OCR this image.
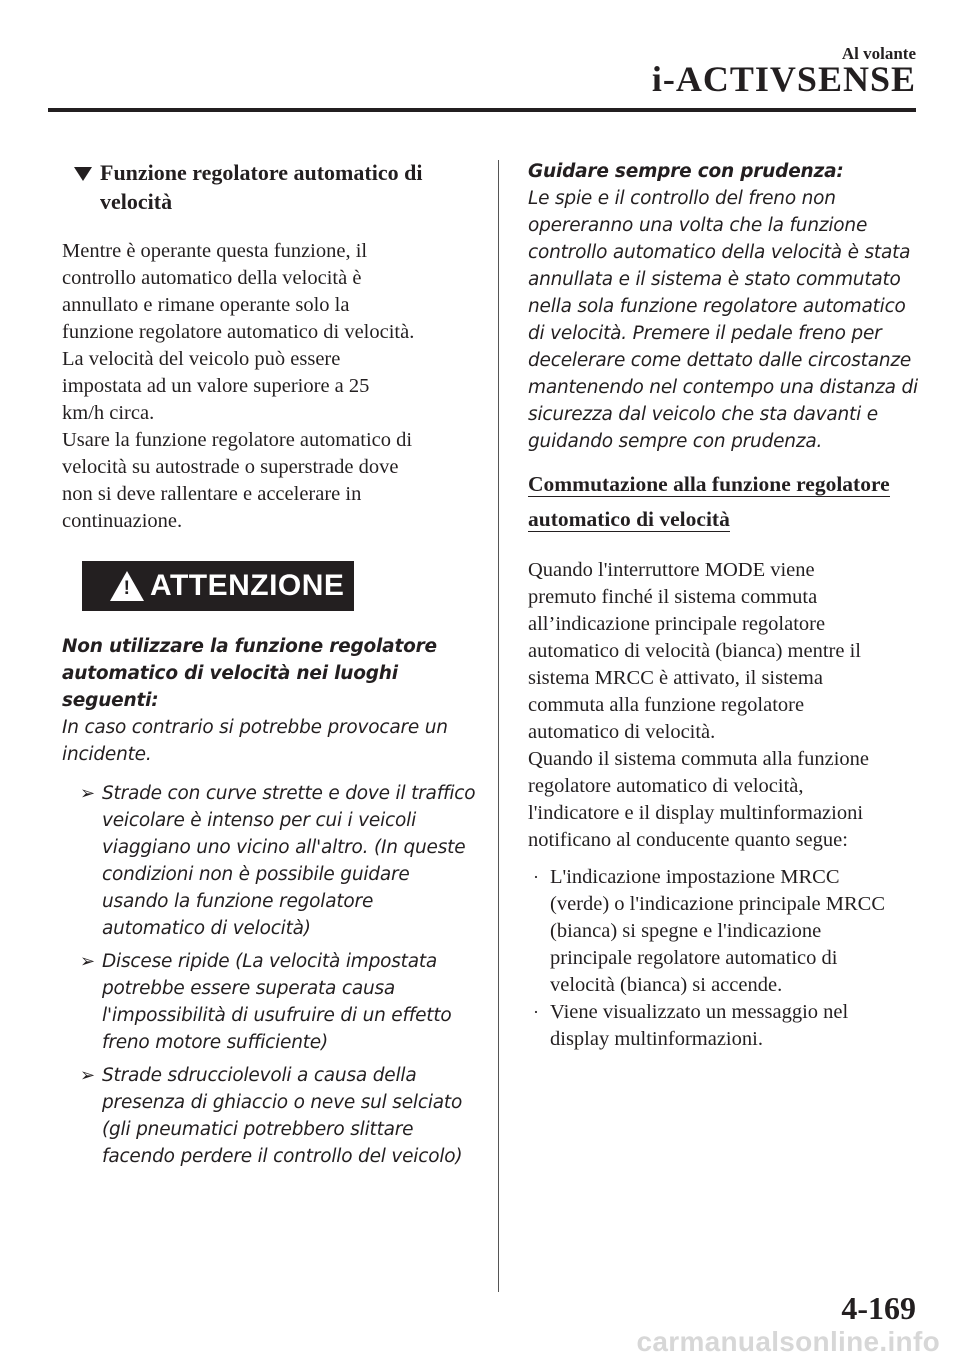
Al volante
i-ACTIVSENSE
Funzione regolatore automatico di velocità

Mentre è operante questa funzione, il
controllo automatico della velocità è
annullato e rimane operante solo la
funzione regolatore automatico di velocità.
La velocità del veicolo può essere
impostata ad un valore superiore a 25
km/h circa.
Usare la funzione regolatore automatico di
velocità su autostrade o superstrade dove
non si deve rallentare e accelerare in
continuazione.

! ATTENZIONE

Non utilizzare la funzione regolatore
automatico di velocità nei luoghi seguenti:

In caso contrario si potrebbe provocare un
incidente.

➢ Strade con curve strette e dove il traffico
veicolare è intenso per cui i veicoli
viaggiano uno vicino all'altro. (In queste
condizioni non è possibile guidare
usando la funzione regolatore
automatico di velocità)

➢ Discese ripide (La velocità impostata
potrebbe essere superata causa
l'impossibilità di usufruire di un effetto
freno motore sufficiente)

➢ Strade sdrucciolevoli a causa della
presenza di ghiaccio o neve sul selciato
(gli pneumatici potrebbero slittare
facendo perdere il controllo del veicolo)

Guidare sempre con prudenza:

Le spie e il controllo del freno non
opereranno una volta che la funzione
controllo automatico della velocità è stata
annullata e il sistema è stato commutato
nella sola funzione regolatore automatico
di velocità. Premere il pedale freno per
decelerare come dettato dalle circostanze
mantenendo nel contempo una distanza di
sicurezza dal veicolo che sta davanti e
guidando sempre con prudenza.

Commutazione alla funzione regolatore
automatico di velocità

Quando l'interruttore MODE viene
premuto finché il sistema commuta
all’indicazione principale regolatore
automatico di velocità (bianca) mentre il
sistema MRCC è attivato, il sistema
commuta alla funzione regolatore
automatico di velocità.
Quando il sistema commuta alla funzione
regolatore automatico di velocità,
l'indicatore e il display multinformazioni
notificano al conducente quanto segue:

· L'indicazione impostazione MRCC
(verde) o l'indicazione principale MRCC
(bianca) si spegne e l'indicazione
principale regolatore automatico di
velocità (bianca) si accende.
· Viene visualizzato un messaggio nel
display multinformazioni.
4-169
carmanualsonline.info
